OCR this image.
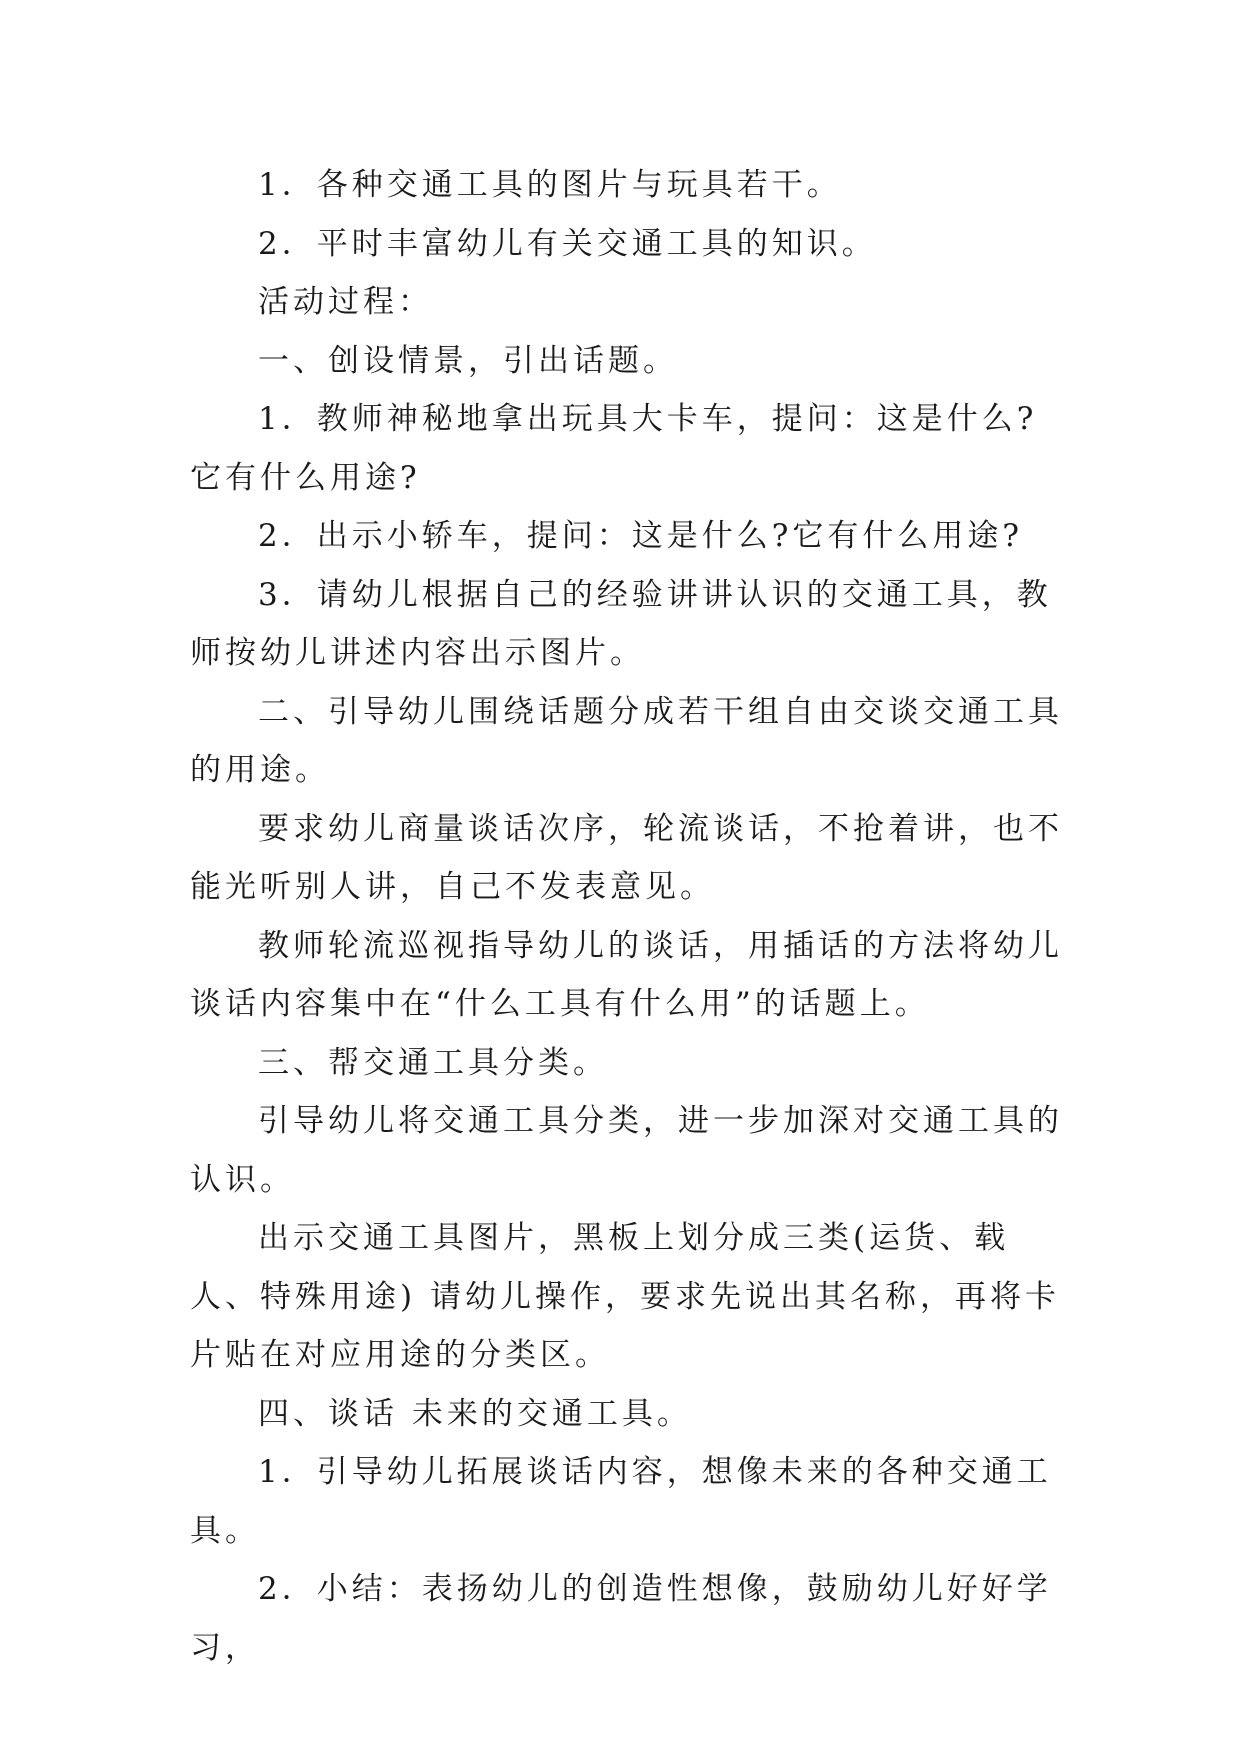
1．各种交通工具的图片与玩具若干。

2．平时丰富幼儿有关交通工具的知识。

活动过程：

一、创设情景，引出话题。

1．教师神秘地拿出玩具大卡车，提问：这是什么?它有什么用途?

2．出示小轿车，提问：这是什么?它有什么用途?

3．请幼儿根据自己的经验讲讲认识的交通工具，教师按幼儿讲述内容出示图片。

二、引导幼儿围绕话题分成若干组自由交谈交通工具的用途。

要求幼儿商量谈话次序，轮流谈话，不抢着讲，也不能光听别人讲，自己不发表意见。

教师轮流巡视指导幼儿的谈话，用插话的方法将幼儿谈话内容集中在“什么工具有什么用”的话题上。

三、帮交通工具分类。

引导幼儿将交通工具分类，进一步加深对交通工具的认识。

出示交通工具图片，黑板上划分成三类(运货、载人、特殊用途) 请幼儿操作，要求先说出其名称，再将卡片贴在对应用途的分类区。

四、谈话 未来的交通工具。

1．引导幼儿拓展谈话内容，想像未来的各种交通工具。

2．小结：表扬幼儿的创造性想像，鼓励幼儿好好学习，
